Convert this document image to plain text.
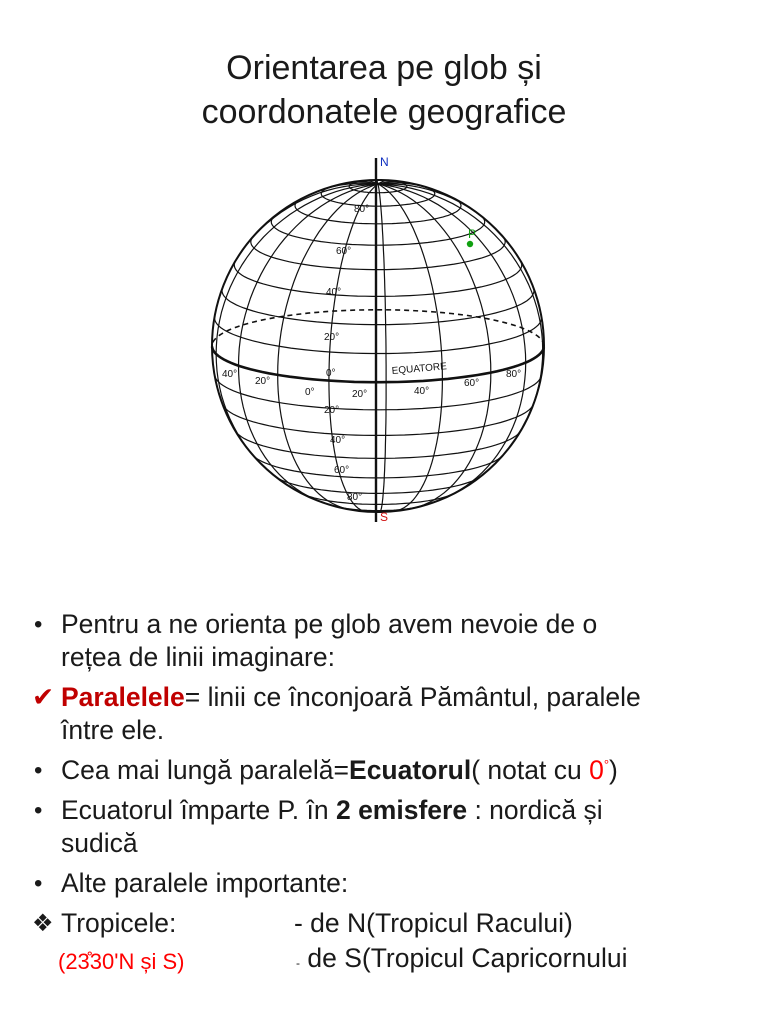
Orientarea pe glob și
coordonatele geografice
N
S
P
EQUATORE
80°
60°
40°
20°
0°
20°
40°
60°
80°
40°
20°
0°	20°	40°
60°
80°
• Pentru a ne orienta pe glob avem nevoie de o
rețea de linii imaginare:
✔ Paralelele= linii ce înconjoară Pământul, paralele
între ele.
• Cea mai lungă paralelă=Ecuatorul( notat cu 0°)
• Ecuatorul împarte P. în 2 emisfere : nordică și
sudică
• Alte paralele importante:
❖ Tropicele:	- de N(Tropicul Racului)
(23̊30'N și S)	- de S(Tropicul Capricornului
